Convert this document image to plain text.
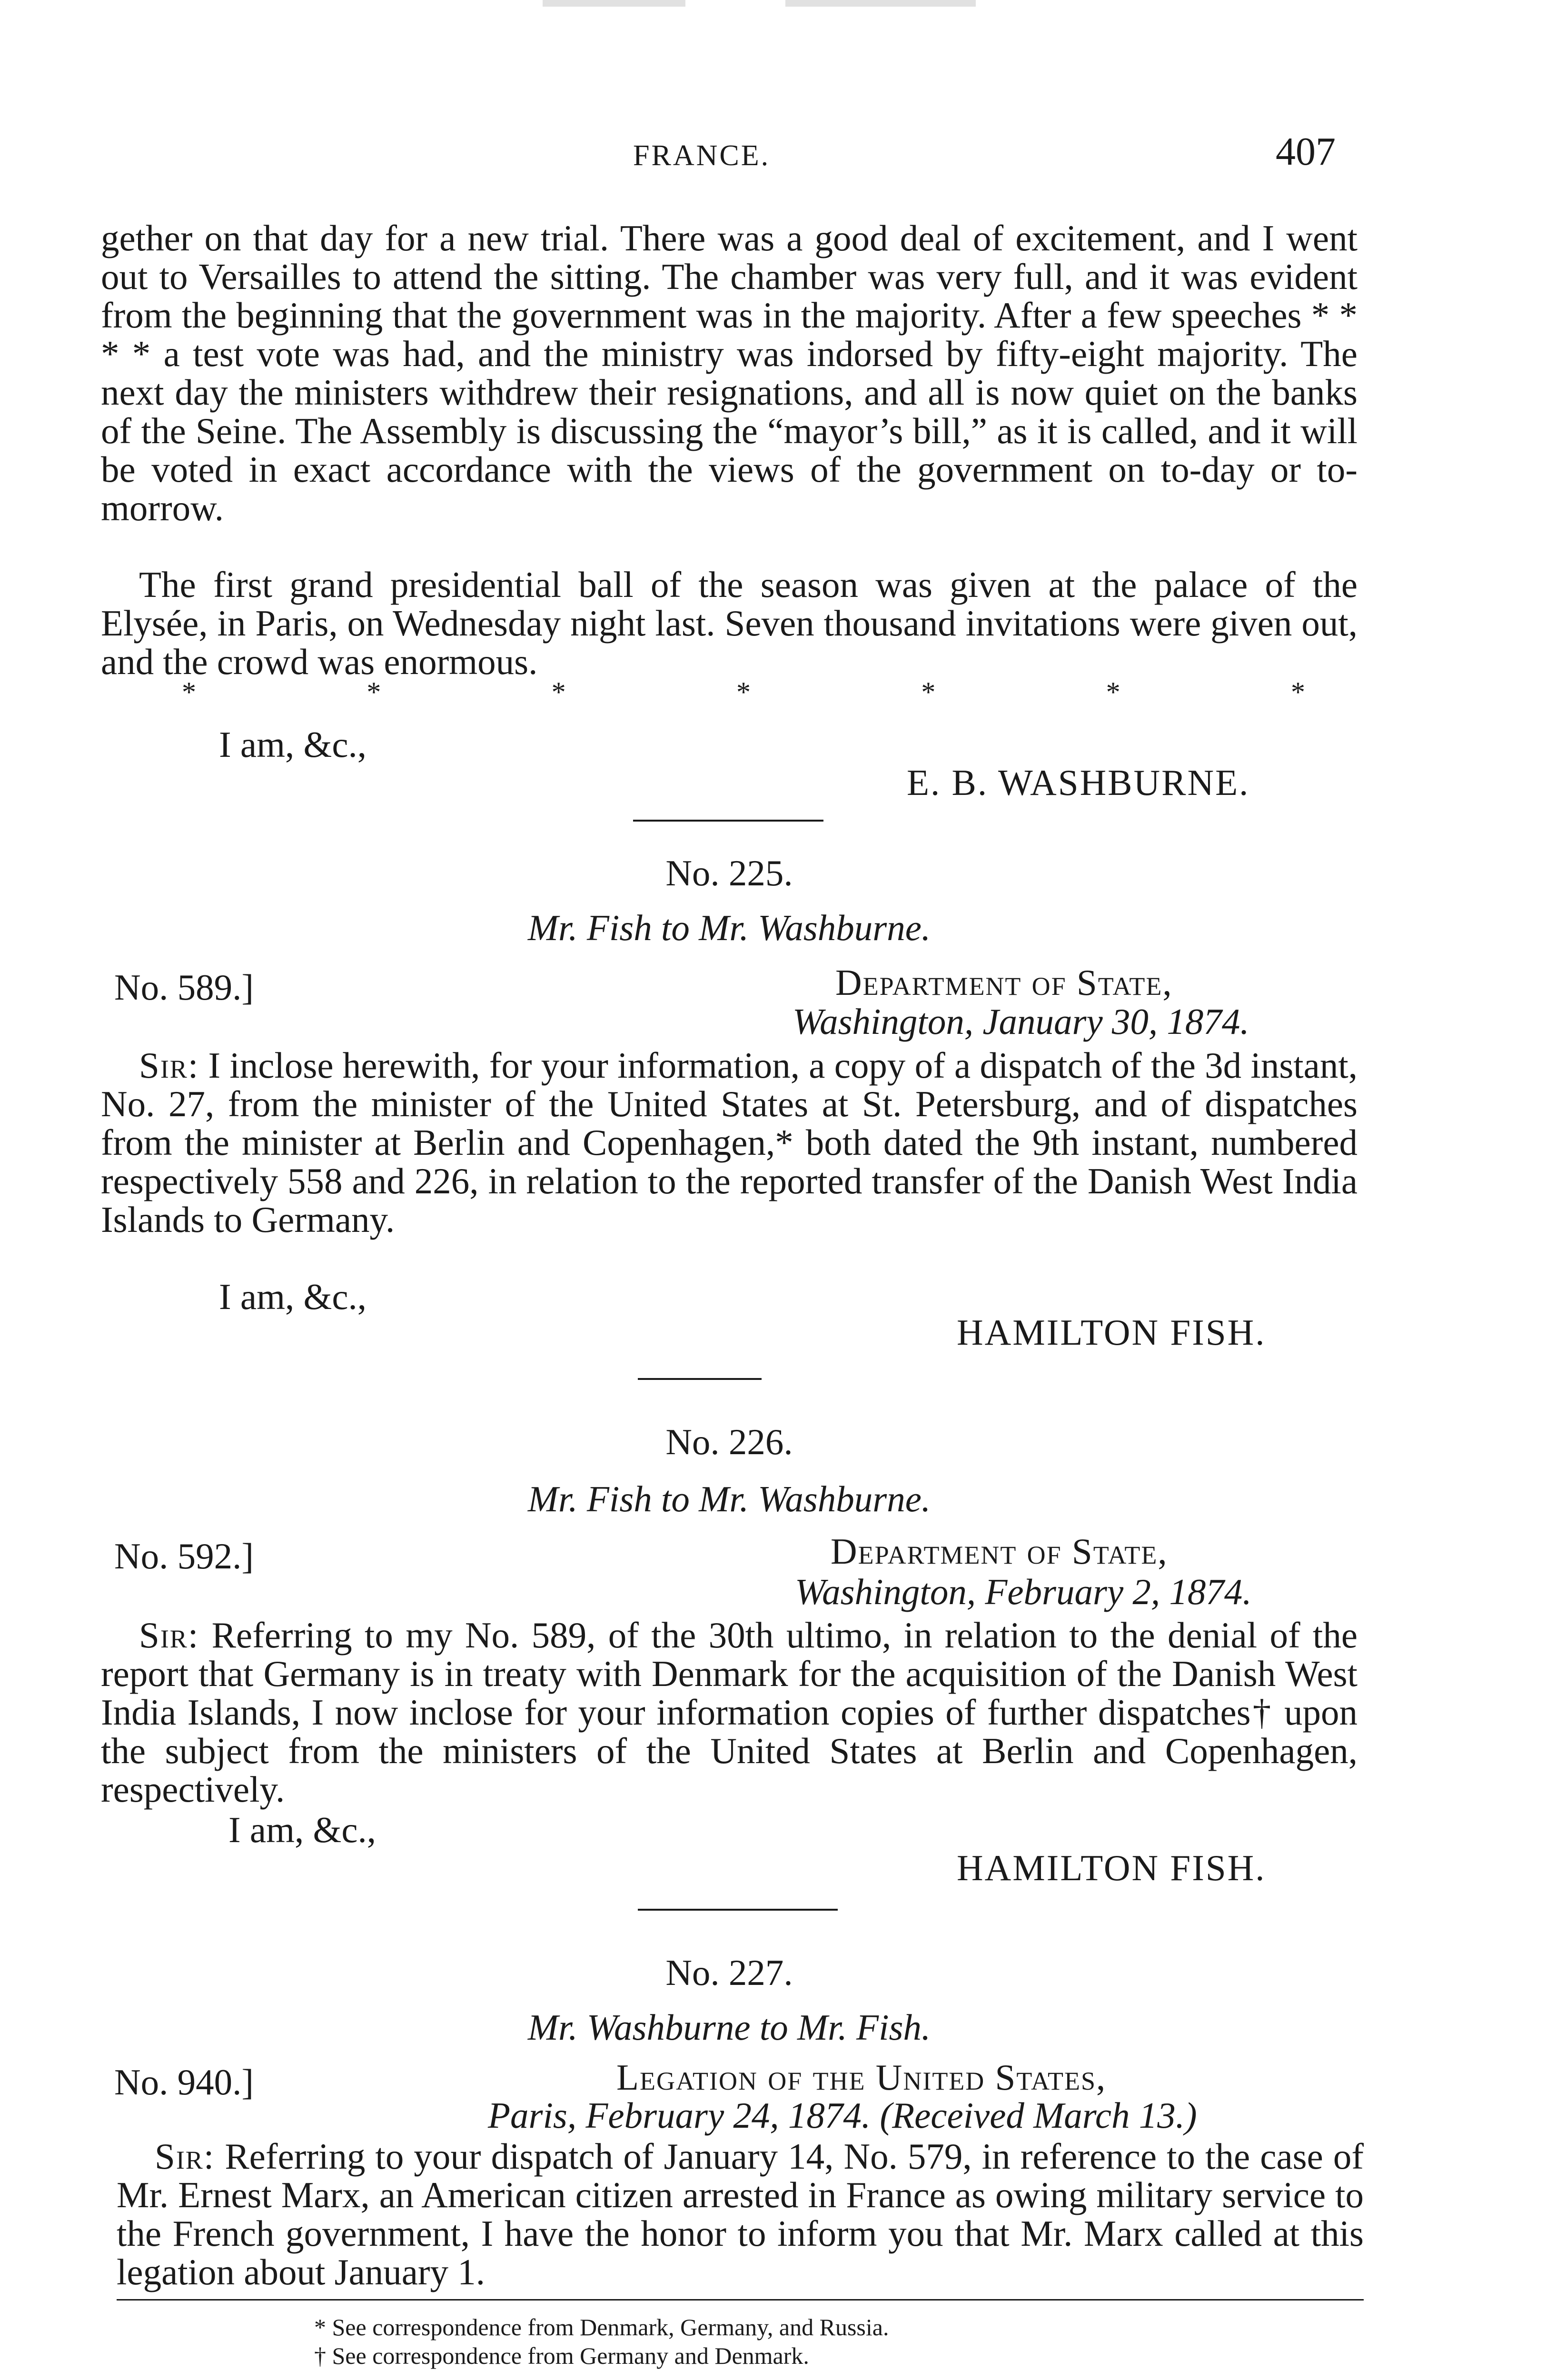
FRANCE.	407
gether on that day for a new trial. There was a good deal of excitement, and I went out to Versailles to attend the sitting. The chamber was very full, and it was evident from the beginning that the government was in the majority. After a few speeches * * * * a test vote was had, and the ministry was indorsed by fifty-eight majority. The next day the ministers withdrew their resignations, and all is now quiet on the banks of the Seine. The Assembly is discussing the “mayor’s bill,” as it is called, and it will be voted in exact accordance with the views of the government on to-day or to-morrow.
The first grand presidential ball of the season was given at the palace of the Elysée, in Paris, on Wednesday night last. Seven thousand invitations were given out, and the crowd was enormous.
*	*	*	*	*	*	*
I am, &c.,
E. B. WASHBURNE.
No. 225.
Mr. Fish to Mr. Washburne.
No. 589.]	Department of State,
Washington, January 30, 1874.
Sir: I inclose herewith, for your information, a copy of a dispatch of the 3d instant, No. 27, from the minister of the United States at St. Petersburg, and of dispatches from the minister at Berlin and Copenhagen,* both dated the 9th instant, numbered respectively 558 and 226, in relation to the reported transfer of the Danish West India Islands to Germany.
I am, &c.,
HAMILTON FISH.
No. 226.
Mr. Fish to Mr. Washburne.
No. 592.]	Department of State,
Washington, February 2, 1874.
Sir: Referring to my No. 589, of the 30th ultimo, in relation to the denial of the report that Germany is in treaty with Denmark for the acquisition of the Danish West India Islands, I now inclose for your information copies of further dispatches† upon the subject from the ministers of the United States at Berlin and Copenhagen, respectively.
I am, &c.,
HAMILTON FISH.
No. 227.
Mr. Washburne to Mr. Fish.
No. 940.]	Legation of the United States,
Paris, February 24, 1874. (Received March 13.)
Sir: Referring to your dispatch of January 14, No. 579, in reference to the case of Mr. Ernest Marx, an American citizen arrested in France as owing military service to the French government, I have the honor to inform you that Mr. Marx called at this legation about January 1.
* See correspondence from Denmark, Germany, and Russia.
† See correspondence from Germany and Denmark.
